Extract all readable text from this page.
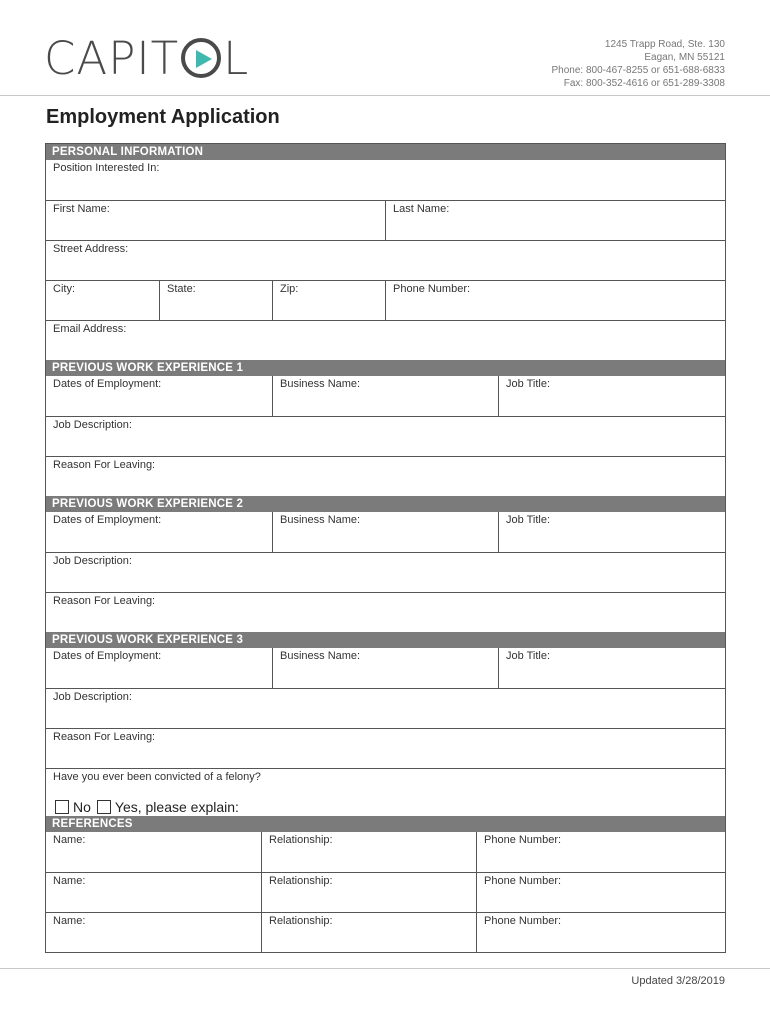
CAPIT L	1245 Trapp Road, Ste. 130
Eagan, MN 55121
Phone: 800-467-8255 or 651-688-6833
Fax: 800-352-4616 or 651-289-3308
Employment Application
PERSONAL INFORMATION
Position Interested In:
First Name:	Last Name:
Street Address:
City:	State:	Zip:	Phone Number:
Email Address:
PREVIOUS WORK EXPERIENCE 1
Dates of Employment:	Business Name:	Job Title:
Job Description:
Reason For Leaving:
PREVIOUS WORK EXPERIENCE 2
Dates of Employment:	Business Name:	Job Title:
Job Description:
Reason For Leaving:
PREVIOUS WORK EXPERIENCE 3
Dates of Employment:	Business Name:	Job Title:
Job Description:
Reason For Leaving:
Have you ever been convicted of a felony?
No Yes, please explain:
REFERENCES
Name:	Relationship:	Phone Number:
Name:	Relationship:	Phone Number:
Name:	Relationship:	Phone Number:
Updated 3/28/2019
